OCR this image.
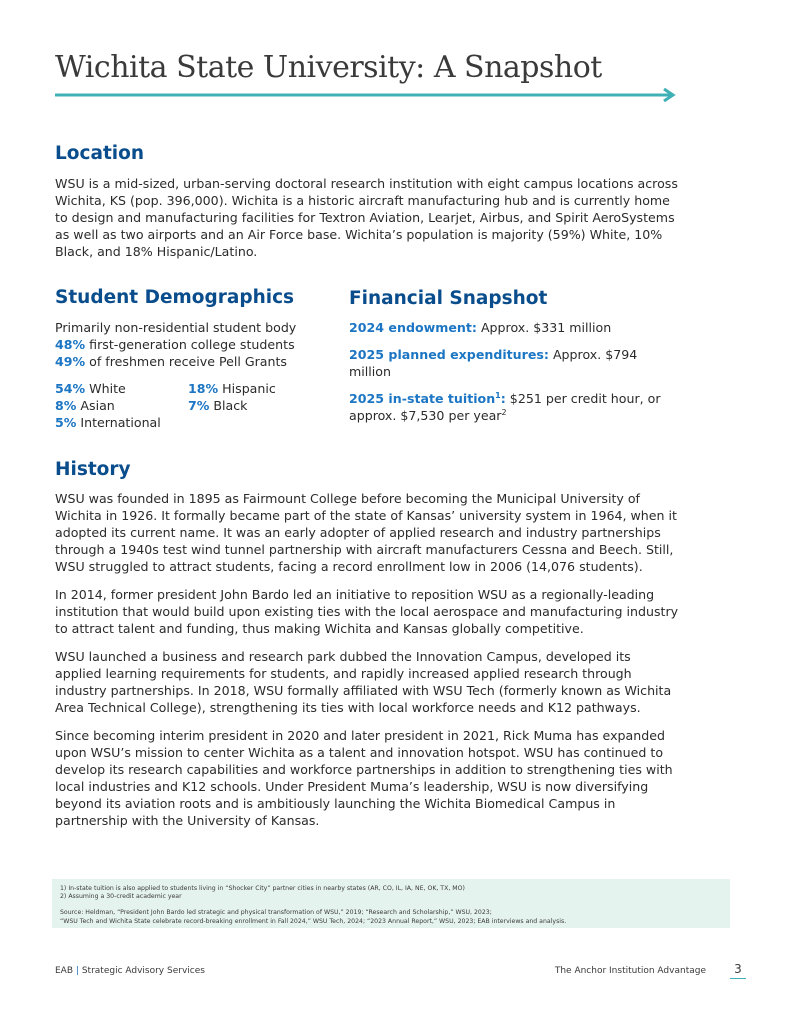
Wichita State University: A Snapshot
Location

WSU is a mid-sized, urban-serving doctoral research institution with eight campus locations across Wichita, KS (pop. 396,000). Wichita is a historic aircraft manufacturing hub and is currently home to design and manufacturing facilities for Textron Aviation, Learjet, Airbus, and Spirit AeroSystems as well as two airports and an Air Force base. Wichita’s population is majority (59%) White, 10% Black, and 18% Hispanic/Latino.

Student Demographics

Primarily non-residential student body

48% first-generation college students

49% of freshmen receive Pell Grants

54% White	18% Hispanic

8% Asian	7% Black

5% International

Financial Snapshot

2024 endowment: Approx. $331 million

2025 planned expenditures: Approx. $794 million

2025 in-state tuition$^1$: $251 per credit hour, or approx. $7,530 per year$^2$

History

WSU was founded in 1895 as Fairmount College before becoming the Municipal University of Wichita in 1926. It formally became part of the state of Kansas’ university system in 1964, when it adopted its current name. It was an early adopter of applied research and industry partnerships through a 1940s test wind tunnel partnership with aircraft manufacturers Cessna and Beech. Still, WSU struggled to attract students, facing a record enrollment low in 2006 (14,076 students).

In 2014, former president John Bardo led an initiative to reposition WSU as a regionally-leading institution that would build upon existing ties with the local aerospace and manufacturing industry to attract talent and funding, thus making Wichita and Kansas globally competitive.

WSU launched a business and research park dubbed the Innovation Campus, developed its applied learning requirements for students, and rapidly increased applied research through industry partnerships. In 2018, WSU formally affiliated with WSU Tech (formerly known as Wichita Area Technical College), strengthening its ties with local workforce needs and K12 pathways.

Since becoming interim president in 2020 and later president in 2021, Rick Muma has expanded upon WSU’s mission to center Wichita as a talent and innovation hotspot. WSU has continued to develop its research capabilities and workforce partnerships in addition to strengthening ties with local industries and K12 schools. Under President Muma’s leadership, WSU is now diversifying beyond its aviation roots and is ambitiously launching the Wichita Biomedical Campus in partnership with the University of Kansas.

1) In-state tuition is also applied to students living in “Shocker City” partner cities in nearby states (AR, CO, IL, IA, NE, OK, TX, MO)

2) Assuming a 30-credit academic year

Source: Heldman, “President John Bardo led strategic and physical transformation of WSU,” 2019; “Research and Scholarship,” WSU, 2023;

“WSU Tech and Wichita State celebrate record-breaking enrollment in Fall 2024,” WSU Tech, 2024; “2023 Annual Report,” WSU, 2023; EAB interviews and analysis.

EAB | Strategic Advisory Services	The Anchor Institution Advantage 3
